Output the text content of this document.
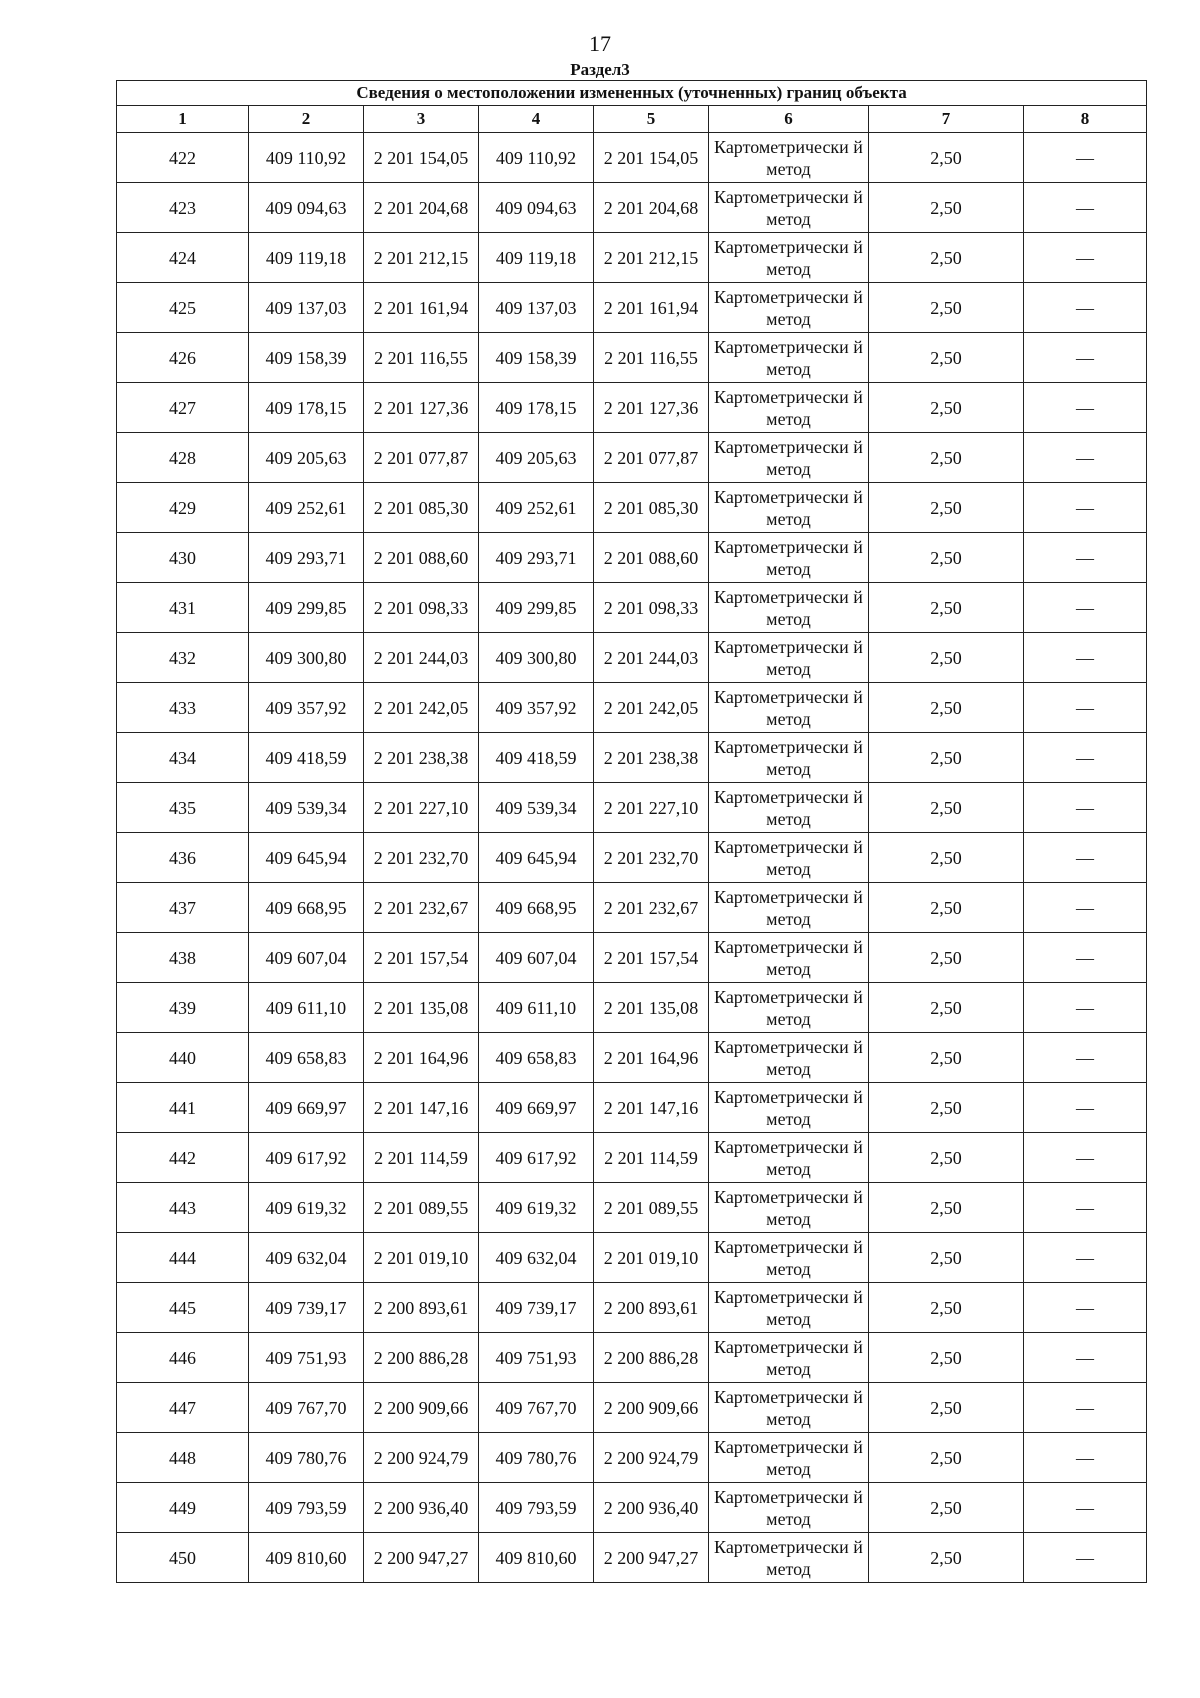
17
Раздел3
Сведения о местоположении измененных (уточненных) границ объекта							
1	2	3	4	5	6	7	8
422	409 110,92	2 201 154,05	409 110,92	2 201 154,05	Картометрически й метод	2,50	—
423	409 094,63	2 201 204,68	409 094,63	2 201 204,68	Картометрически й метод	2,50	—
424	409 119,18	2 201 212,15	409 119,18	2 201 212,15	Картометрически й метод	2,50	—
425	409 137,03	2 201 161,94	409 137,03	2 201 161,94	Картометрически й метод	2,50	—
426	409 158,39	2 201 116,55	409 158,39	2 201 116,55	Картометрически й метод	2,50	—
427	409 178,15	2 201 127,36	409 178,15	2 201 127,36	Картометрически й метод	2,50	—
428	409 205,63	2 201 077,87	409 205,63	2 201 077,87	Картометрически й метод	2,50	—
429	409 252,61	2 201 085,30	409 252,61	2 201 085,30	Картометрически й метод	2,50	—
430	409 293,71	2 201 088,60	409 293,71	2 201 088,60	Картометрически й метод	2,50	—
431	409 299,85	2 201 098,33	409 299,85	2 201 098,33	Картометрически й метод	2,50	—
432	409 300,80	2 201 244,03	409 300,80	2 201 244,03	Картометрически й метод	2,50	—
433	409 357,92	2 201 242,05	409 357,92	2 201 242,05	Картометрически й метод	2,50	—
434	409 418,59	2 201 238,38	409 418,59	2 201 238,38	Картометрически й метод	2,50	—
435	409 539,34	2 201 227,10	409 539,34	2 201 227,10	Картометрически й метод	2,50	—
436	409 645,94	2 201 232,70	409 645,94	2 201 232,70	Картометрически й метод	2,50	—
437	409 668,95	2 201 232,67	409 668,95	2 201 232,67	Картометрически й метод	2,50	—
438	409 607,04	2 201 157,54	409 607,04	2 201 157,54	Картометрически й метод	2,50	—
439	409 611,10	2 201 135,08	409 611,10	2 201 135,08	Картометрически й метод	2,50	—
440	409 658,83	2 201 164,96	409 658,83	2 201 164,96	Картометрически й метод	2,50	—
441	409 669,97	2 201 147,16	409 669,97	2 201 147,16	Картометрически й метод	2,50	—
442	409 617,92	2 201 114,59	409 617,92	2 201 114,59	Картометрически й метод	2,50	—
443	409 619,32	2 201 089,55	409 619,32	2 201 089,55	Картометрически й метод	2,50	—
444	409 632,04	2 201 019,10	409 632,04	2 201 019,10	Картометрически й метод	2,50	—
445	409 739,17	2 200 893,61	409 739,17	2 200 893,61	Картометрически й метод	2,50	—
446	409 751,93	2 200 886,28	409 751,93	2 200 886,28	Картометрически й метод	2,50	—
447	409 767,70	2 200 909,66	409 767,70	2 200 909,66	Картометрически й метод	2,50	—
448	409 780,76	2 200 924,79	409 780,76	2 200 924,79	Картометрически й метод	2,50	—
449	409 793,59	2 200 936,40	409 793,59	2 200 936,40	Картометрически й метод	2,50	—
450	409 810,60	2 200 947,27	409 810,60	2 200 947,27	Картометрически й метод	2,50	—
